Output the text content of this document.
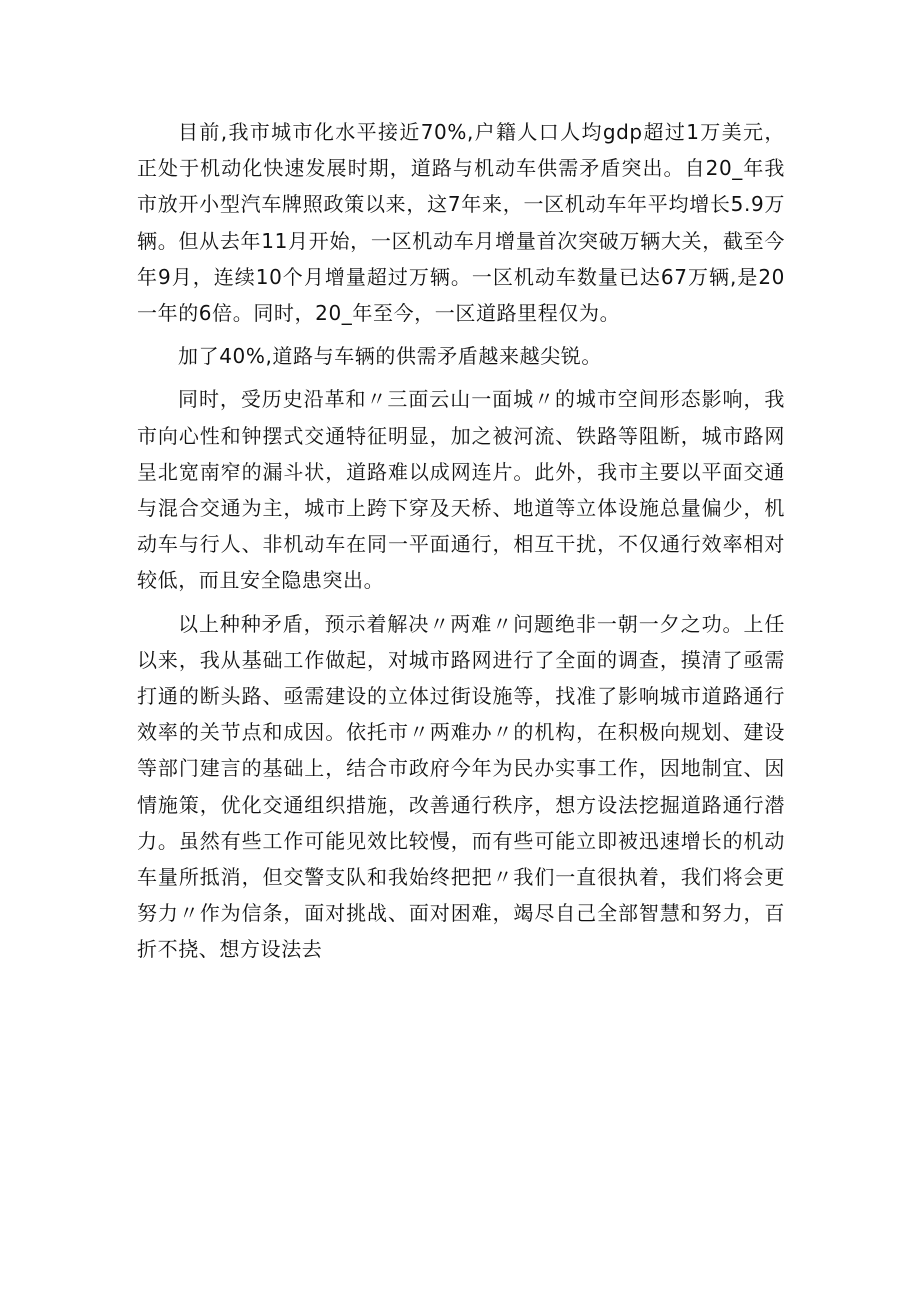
目前,我市城市化水平接近70%,户籍人口人均gdp超过1万美元，正处于机动化快速发展时期，道路与机动车供需矛盾突出。自20_年我市放开小型汽车牌照政策以来，这7年来，一区机动车年平均增长5.9万辆。但从去年11月开始，一区机动车月增量首次突破万辆大关，截至今年9月，连续10个月增量超过万辆。一区机动车数量已达67万辆,是20一年的6倍。同时，20_年至今，一区道路里程仅为。

加了40%,道路与车辆的供需矛盾越来越尖锐。

同时，受历史沿革和〃三面云山一面城〃的城市空间形态影响，我市向心性和钟摆式交通特征明显，加之被河流、铁路等阻断，城市路网呈北宽南窄的漏斗状，道路难以成网连片。此外，我市主要以平面交通与混合交通为主，城市上跨下穿及天桥、地道等立体设施总量偏少，机动车与行人、非机动车在同一平面通行，相互干扰，不仅通行效率相对较低，而且安全隐患突出。

以上种种矛盾，预示着解决〃两难〃问题绝非一朝一夕之功。上任以来，我从基础工作做起，对城市路网进行了全面的调查，摸清了亟需打通的断头路、亟需建设的立体过街设施等，找准了影响城市道路通行效率的关节点和成因。依托市〃两难办〃的机构，在积极向规划、建设等部门建言的基础上，结合市政府今年为民办实事工作，因地制宜、因情施策，优化交通组织措施，改善通行秩序，想方设法挖掘道路通行潜力。虽然有些工作可能见效比较慢，而有些可能立即被迅速增长的机动车量所抵消，但交警支队和我始终把把〃我们一直很执着，我们将会更努力〃作为信条，面对挑战、面对困难，竭尽自己全部智慧和努力，百折不挠、想方设法去
